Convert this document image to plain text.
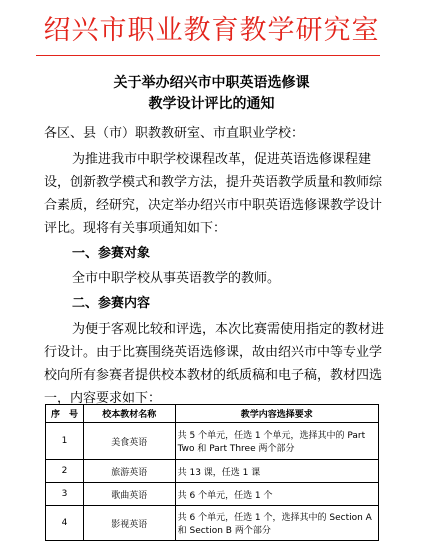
绍兴市职业教育教学研究室
关于举办绍兴市中职英语选修课
教学设计评比的通知
各区、县（市）职教教研室、市直职业学校：
为推进我市中职学校课程改革，促进英语选修课程建
设，创新教学模式和教学方法，提升英语教学质量和教师综
合素质，经研究，决定举办绍兴市中职英语选修课教学设计
评比。现将有关事项通知如下：
一、参赛对象
全市中职学校从事英语教学的教师。
二、参赛内容
为便于客观比较和评选，本次比赛需使用指定的教材进
行设计。由于比赛围绕英语选修课，故由绍兴市中等专业学
校向所有参赛者提供校本教材的纸质稿和电子稿，教材四选
一，内容要求如下：
序　号	校本教材名称	教学内容选择要求
1	美食英语	共 5 个单元，任选 1 个单元，选择其中的 Part Two 和 Part Three 两个部分
2	旅游英语	共 13 课，任选 1 课
3	歌曲英语	共 6 个单元，任选 1 个
4	影视英语	共 6 个单元，任选 1 个，选择其中的 Section A 和 Section B 两个部分
